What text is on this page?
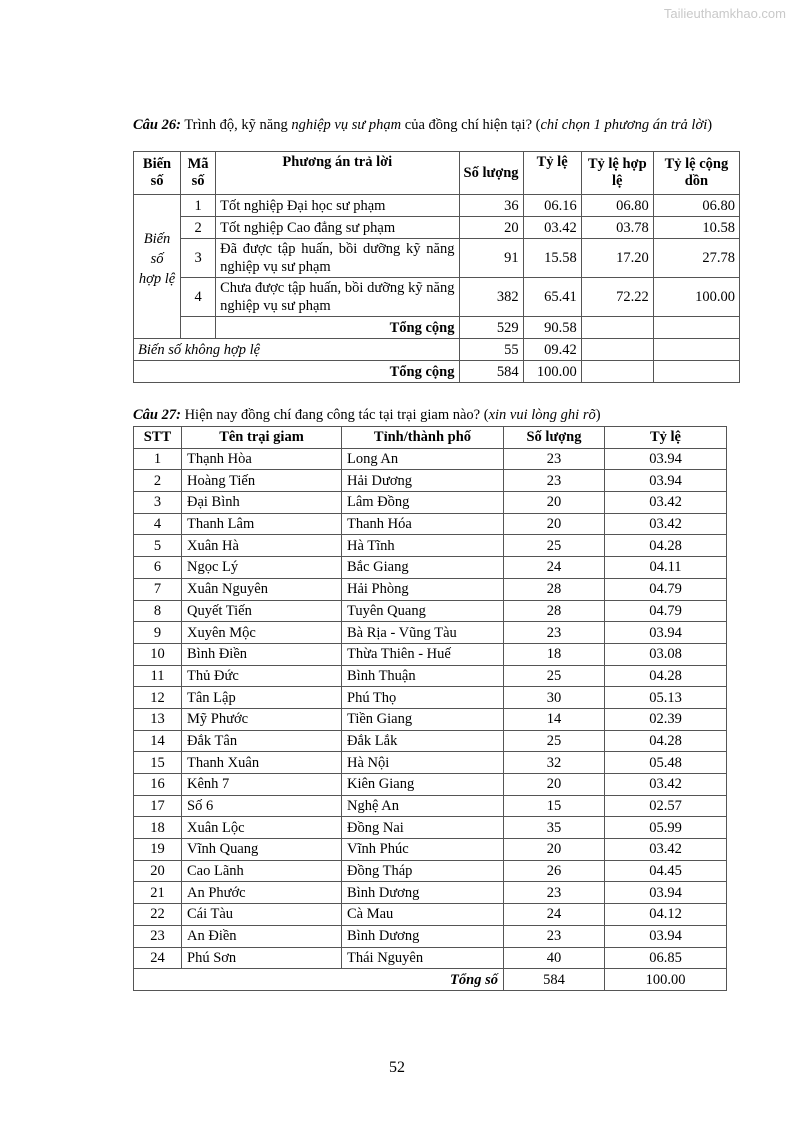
Tailieuthamkhao.com
Câu 26: Trình độ, kỹ năng nghiệp vụ sư phạm của đồng chí hiện tại? (chỉ chọn 1 phương án trả lời)
Biến số	Mã số	Phương án trả lời	Số lượng	Tỷ lệ	Tỷ lệ hợp lệ	Tỷ lệ cộng dồn
Biến số hợp lệ	1	Tốt nghiệp Đại học sư phạm	36	06.16	06.80	06.80
	2	Tốt nghiệp Cao đẳng sư phạm	20	03.42	03.78	10.58
	3	Đã được tập huấn, bồi dưỡng kỹ năng nghiệp vụ sư phạm	91	15.58	17.20	27.78
	4	Chưa được tập huấn, bồi dưỡng kỹ năng nghiệp vụ sư phạm	382	65.41	72.22	100.00
		Tổng cộng	529	90.58		
Biến số không hợp lệ			55	09.42		
Tổng cộng			584	100.00		
Câu 27: Hiện nay đồng chí đang công tác tại trại giam nào? (xin vui lòng ghi rõ)
STT	Tên trại giam	Tỉnh/thành phố	Số lượng	Tỷ lệ
1	Thạnh Hòa	Long An	23	03.94
2	Hoàng Tiến	Hải Dương	23	03.94
3	Đại Bình	Lâm Đồng	20	03.42
4	Thanh Lâm	Thanh Hóa	20	03.42
5	Xuân Hà	Hà Tĩnh	25	04.28
6	Ngọc Lý	Bắc Giang	24	04.11
7	Xuân Nguyên	Hải Phòng	28	04.79
8	Quyết Tiến	Tuyên Quang	28	04.79
9	Xuyên Mộc	Bà Rịa - Vũng Tàu	23	03.94
10	Bình Điền	Thừa Thiên - Huế	18	03.08
11	Thủ Đức	Bình Thuận	25	04.28
12	Tân Lập	Phú Thọ	30	05.13
13	Mỹ Phước	Tiền Giang	14	02.39
14	Đắk Tân	Đắk Lắk	25	04.28
15	Thanh Xuân	Hà Nội	32	05.48
16	Kênh 7	Kiên Giang	20	03.42
17	Số 6	Nghệ An	15	02.57
18	Xuân Lộc	Đồng Nai	35	05.99
19	Vĩnh Quang	Vĩnh Phúc	20	03.42
20	Cao Lãnh	Đồng Tháp	26	04.45
21	An Phước	Bình Dương	23	03.94
22	Cái Tàu	Cà Mau	24	04.12
23	An Điền	Bình Dương	23	03.94
24	Phú Sơn	Thái Nguyên	40	06.85
Tổng số			584	100.00
52
